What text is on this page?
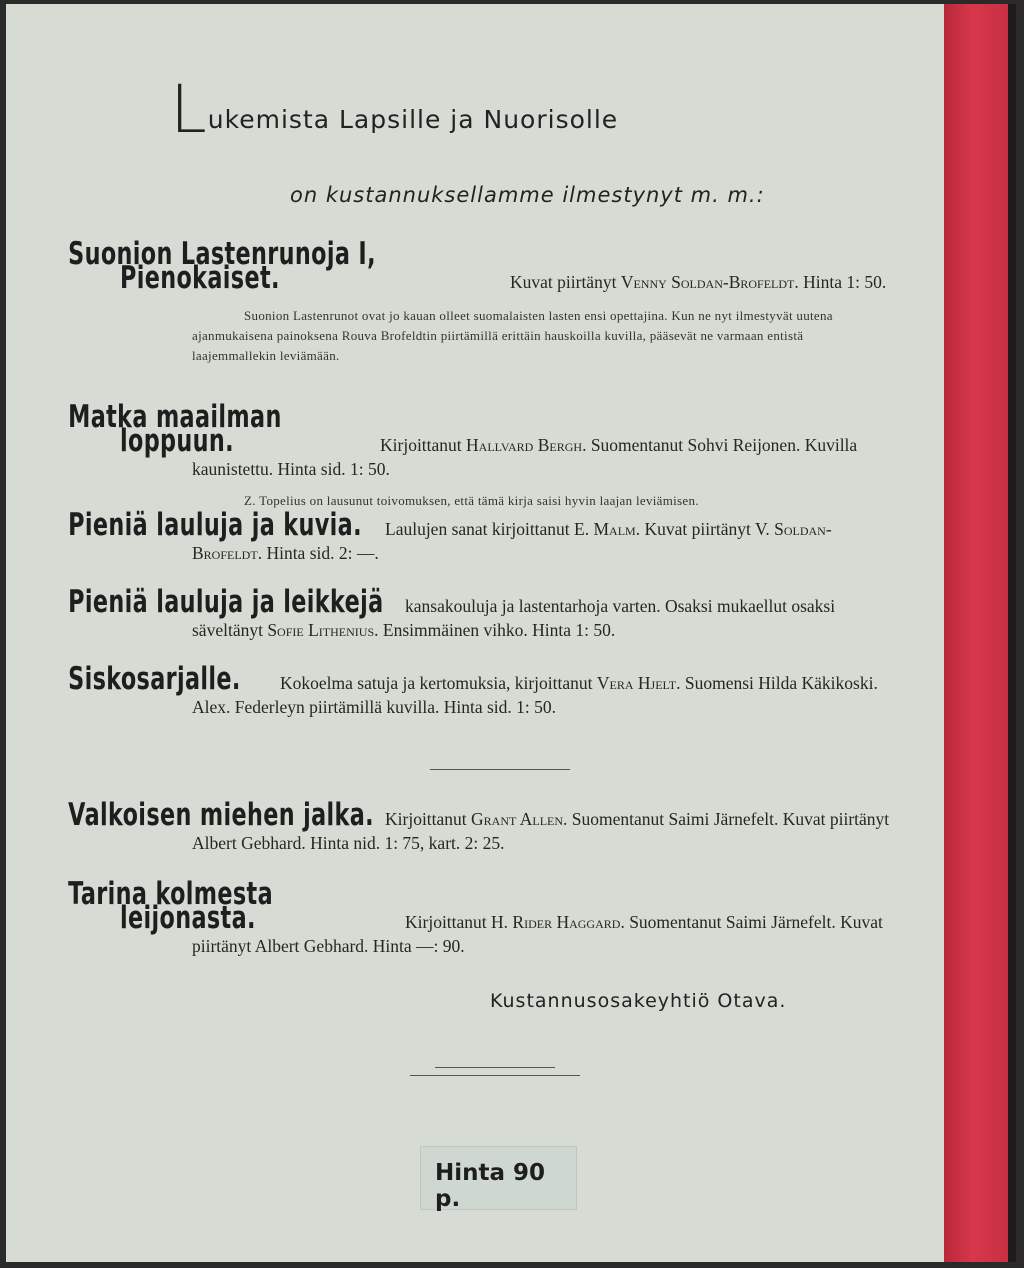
Lukemista Lapsille ja Nuorisolle
on kustannuksellamme ilmestynyt m. m.:
Suonion Lastenrunoja I, Pienokaiset.	Kuvat piirtänyt Venny Soldan-Brofeldt. Hinta 1: 50.
Suonion Lastenrunot ovat jo kauan olleet suomalaisten lasten ensi opettajina. Kun ne nyt ilmestyvät uutena ajanmukaisena painoksena Rouva Brofeldtin piirtämillä erittäin hauskoilla kuvilla, pääsevät ne varmaan entistä laajemmallekin leviämään.
Matka maailman loppuun.	Kirjoittanut Hallvard Bergh. Suomentanut Sohvi Reijonen. Kuvilla kaunistettu. Hinta sid. 1: 50.
Z. Topelius on lausunut toivomuksen, että tämä kirja saisi hyvin laajan leviämisen.
Pieniä lauluja ja kuvia. Laulujen sanat kirjoittanut E. Malm. Kuvat piirtänyt V. Soldan-Brofeldt. Hinta sid. 2: —.
Pieniä lauluja ja leikkejä kansakouluja ja lastentarhoja varten. Osaksi mukaellut osaksi säveltänyt Sofie Lithenius. Ensimmäinen vihko. Hinta 1: 50.
Siskosarjalle. Kokoelma satuja ja kertomuksia, kirjoittanut Vera Hjelt. Suomensi Hilda Käkikoski. Alex. Federleyn piirtämillä kuvilla. Hinta sid. 1: 50.
Valkoisen miehen jalka. Kirjoittanut Grant Allen. Suomentanut Saimi Järnefelt. Kuvat piirtänyt Albert Gebhard. Hinta nid. 1: 75, kart. 2: 25.
Tarina kolmesta leijonasta.	Kirjoittanut H. Rider Haggard. Suomentanut Saimi Järnefelt. Kuvat piirtänyt Albert Gebhard. Hinta —: 90.
Kustannusosakeyhtiö Otava.
Hinta 90 p.
